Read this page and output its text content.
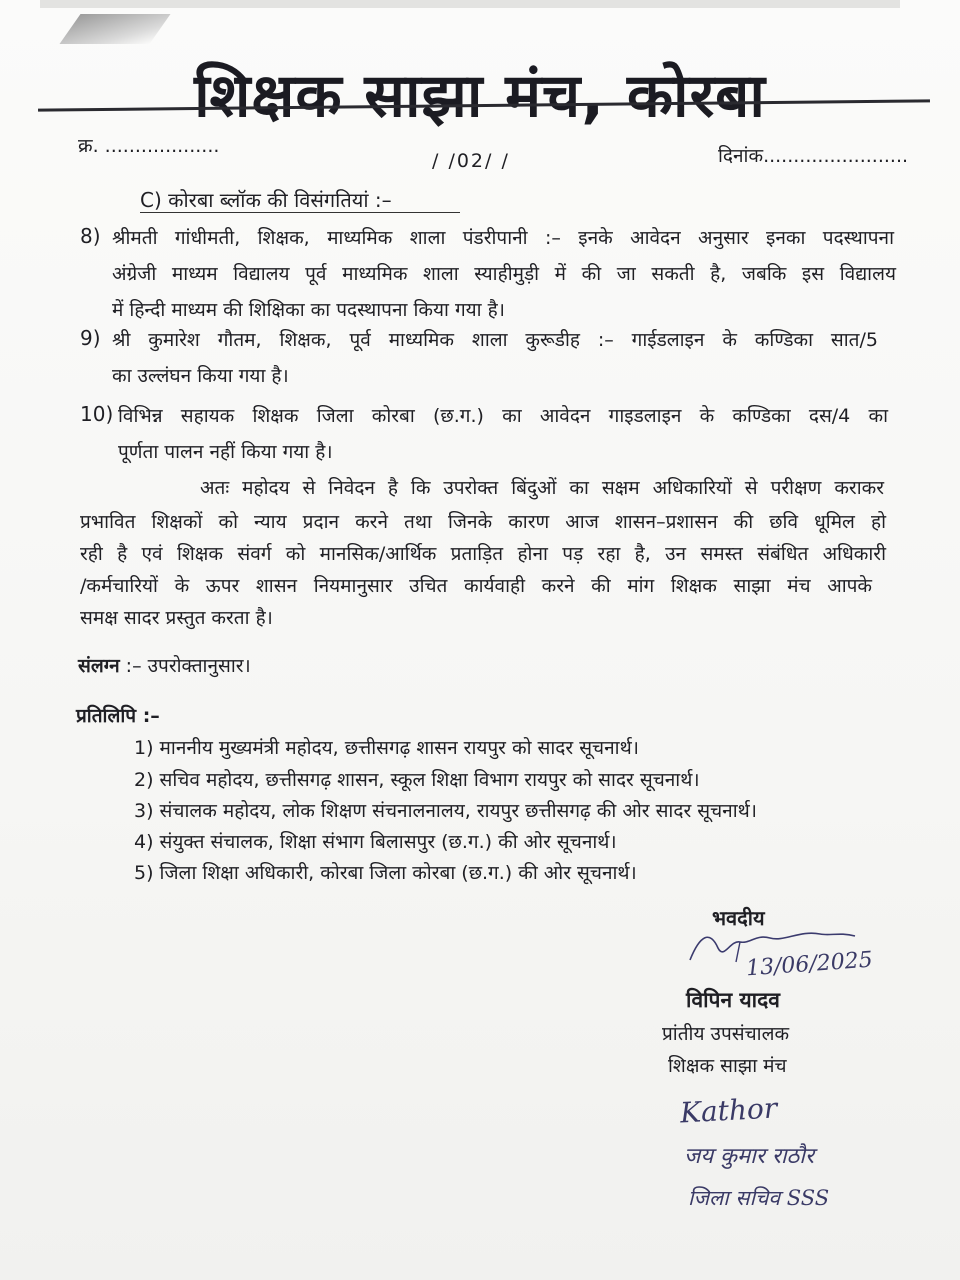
शिक्षक साझा मंच, कोरबा
क्र. ...................
/ /02/ /	दिनांक........................
C) कोरबा ब्लॉक की विसंगतियां :–
8) श्रीमती गांधीमती, शिक्षक, माध्यमिक शाला पंडरीपानी :– इनके आवेदन अनुसार इनका पदस्थापना
अंग्रेजी माध्यम विद्यालय पूर्व माध्यमिक शाला स्याहीमुड़ी में की जा सकती है, जबकि इस विद्यालय
में हिन्दी माध्यम की शिक्षिका का पदस्थापना किया गया है।
9) श्री कुमारेश गौतम, शिक्षक, पूर्व माध्यमिक शाला कुरूडीह :– गाईडलाइन के कण्डिका सात/5
का उल्लंघन किया गया है।
10) विभिन्न सहायक शिक्षक जिला कोरबा (छ.ग.) का आवेदन गाइडलाइन के कण्डिका दस/4 का
पूर्णता पालन नहीं किया गया है।
अतः महोदय से निवेदन है कि उपरोक्त बिंदुओं का सक्षम अधिकारियों से परीक्षण कराकर
प्रभावित शिक्षकों को न्याय प्रदान करने तथा जिनके कारण आज शासन–प्रशासन की छवि धूमिल हो
रही है एवं शिक्षक संवर्ग को मानसिक/आर्थिक प्रताड़ित होना पड़ रहा है, उन समस्त संबंधित अधिकारी
/कर्मचारियों के ऊपर शासन नियमानुसार उचित कार्यवाही करने की मांग शिक्षक साझा मंच आपके
समक्ष सादर प्रस्तुत करता है।
संलग्न :– उपरोक्तानुसार।
प्रतिलिपि :–
1) माननीय मुख्यमंत्री महोदय, छत्तीसगढ़ शासन रायपुर को सादर सूचनार्थ।
2) सचिव महोदय, छत्तीसगढ़ शासन, स्कूल शिक्षा विभाग रायपुर को सादर सूचनार्थ।
3) संचालक महोदय, लोक शिक्षण संचनालनालय, रायपुर छत्तीसगढ़ की ओर सादर सूचनार्थ।
4) संयुक्त संचालक, शिक्षा संभाग बिलासपुर (छ.ग.) की ओर सूचनार्थ।
5) जिला शिक्षा अधिकारी, कोरबा जिला कोरबा (छ.ग.) की ओर सूचनार्थ।
भवदीय
13/06/2025
विपिन यादव
प्रांतीय उपसंचालक
शिक्षक साझा मंच
Kathor
जय कुमार राठौर
जिला सचिव SSS
